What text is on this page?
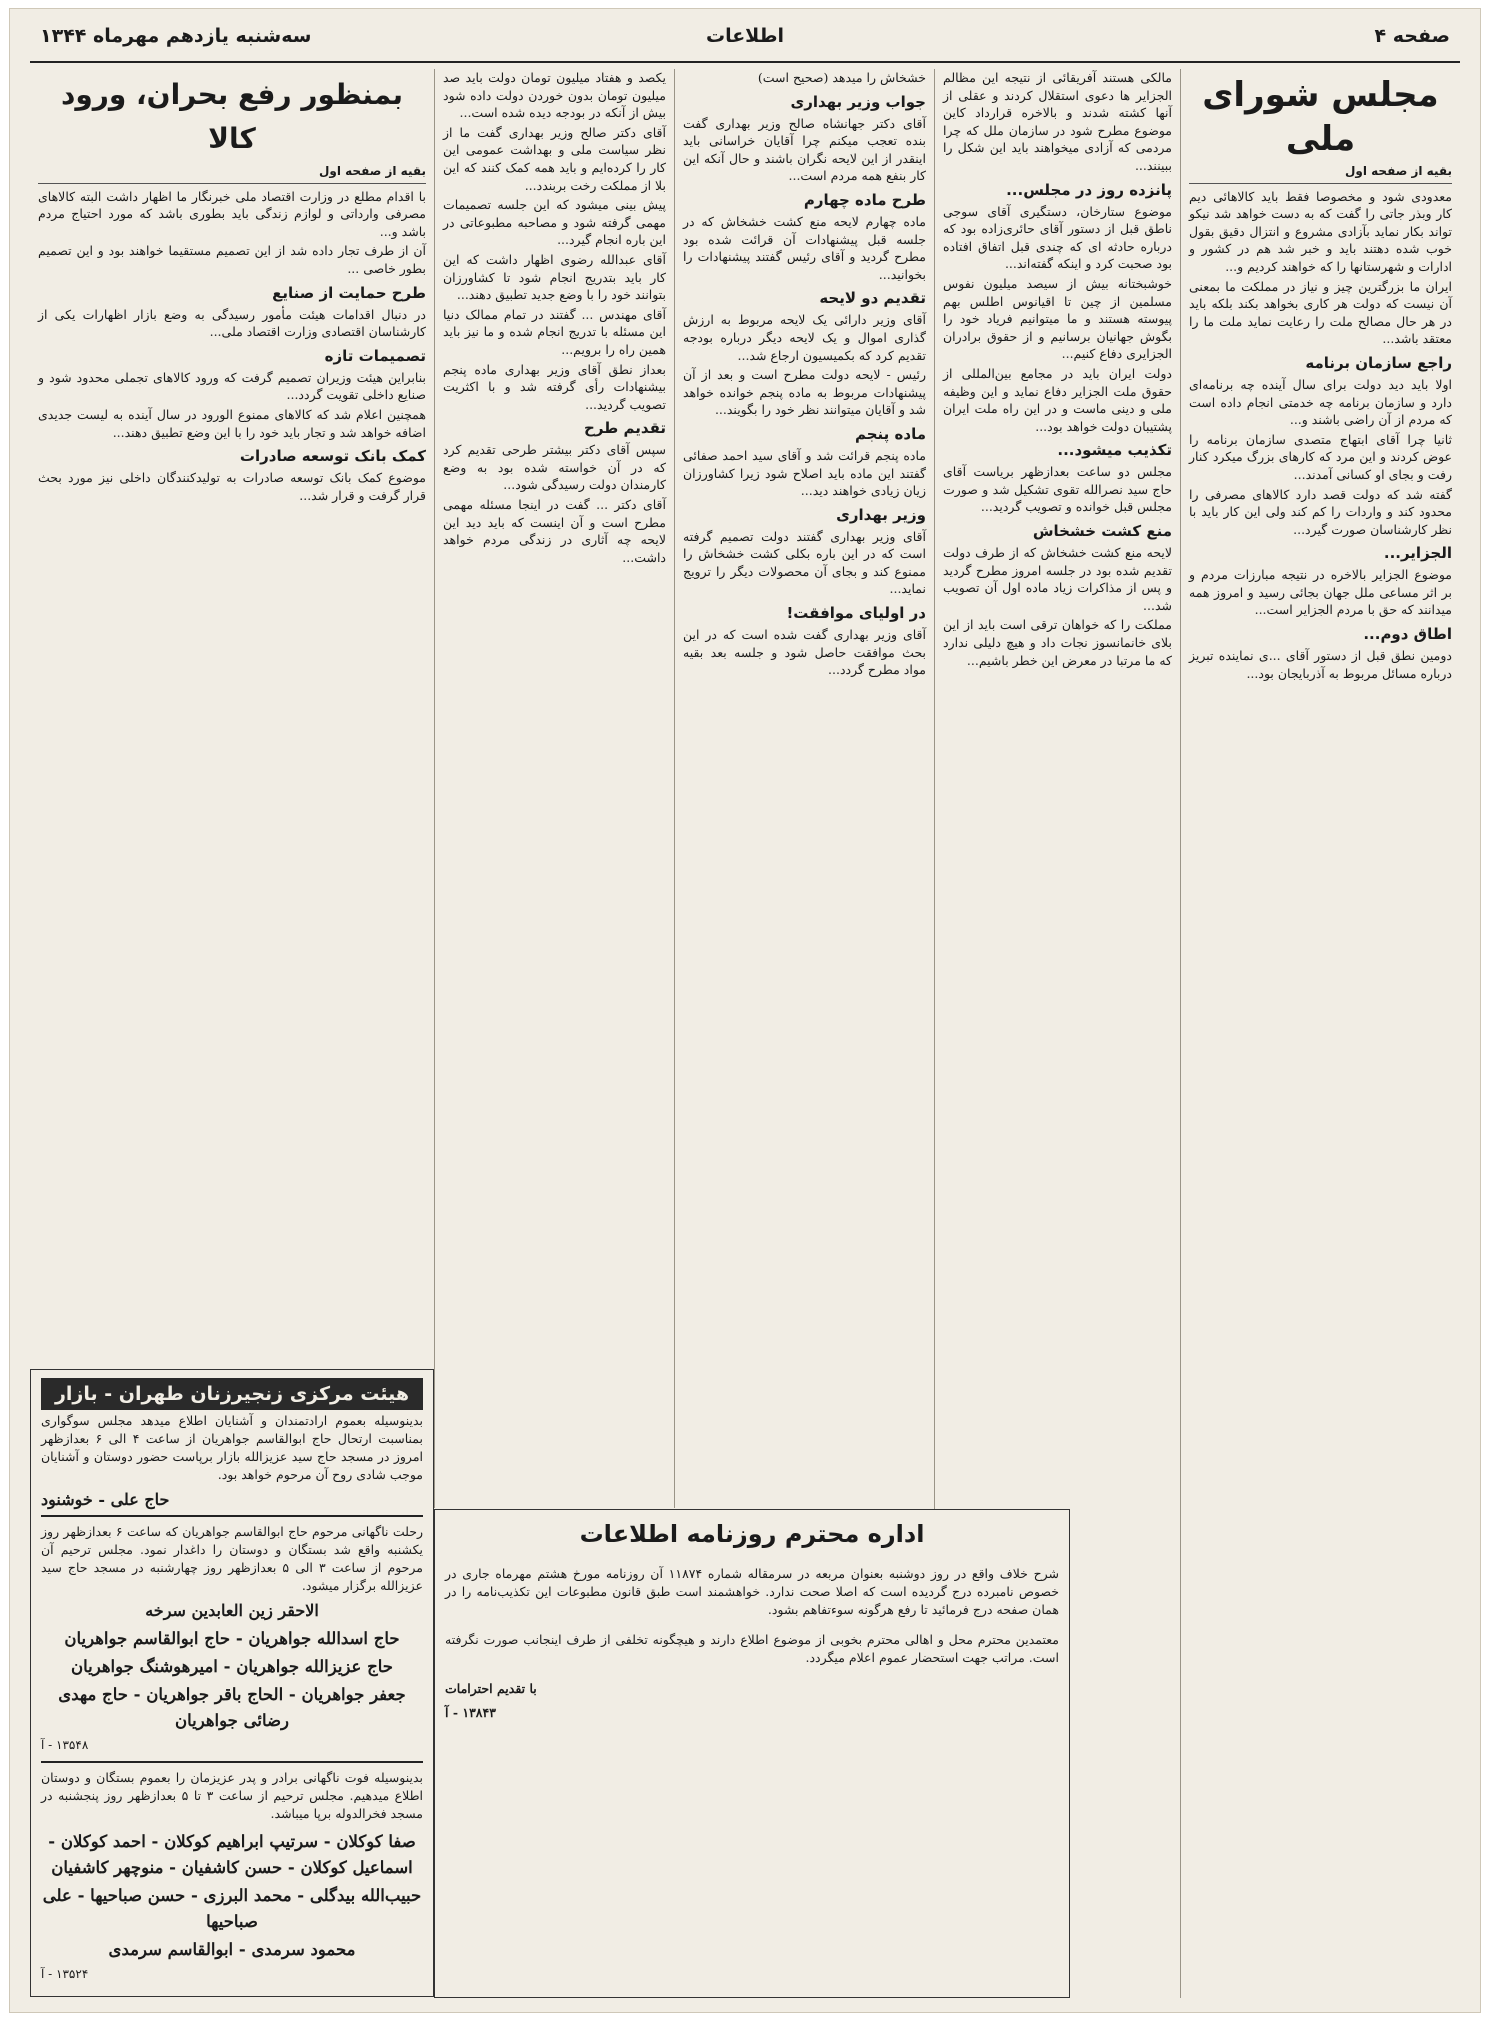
صفحه ۴
اطلاعات
سه‌شنبه یازدهم مهرماه ۱۳۴۴
مجلس شورای ملی
بقیه از صفحه اول

معدودی شود و مخصوصا فقط باید کالاهائی دیم کار وبذر جاتی را گفت که به دست خواهد شد نیکو تواند بکار نماید بآزادی مشروع و انتزال دقیق بقول خوب شده دهتند باید و خبر شد هم در کشور و ادارات و شهرستانها را که خواهند کردیم و...

ایران ما بزرگترین چیز و نیاز در مملکت ما بمعنی آن نیست که دولت هر کاری بخواهد بکند بلکه باید در هر حال مصالح ملت را رعایت نماید ملت ما را معتقد باشد...

راجع سازمان برنامه

اولا باید دید دولت برای سال آینده چه برنامه‌ای دارد و سازمان برنامه چه خدمتی انجام داده است که مردم از آن راضی باشند و...

ثانیا چرا آقای ابتهاج متصدی سازمان برنامه را عوض کردند و این مرد که کارهای بزرگ میکرد کنار رفت و بجای او کسانی آمدند...

گفته شد که دولت قصد دارد کالاهای مصرفی را محدود کند و واردات را کم کند ولی این کار باید با نظر کارشناسان صورت گیرد...

الجزایر...

موضوع الجزایر بالاخره در نتیجه مبارزات مردم و بر اثر مساعی ملل جهان بجائی رسید و امروز همه میدانند که حق با مردم الجزایر است...

اطاق دوم...

دومین نطق قبل از دستور آقای ...ی نماینده تبریز درباره مسائل مربوط به آذربایجان بود...

مالکی هستند آفریقائی از نتیجه این مظالم الجزایر ها دعوی استقلال کردند و عقلی از آنها کشته شدند و بالاخره قرارداد کاین موضوع مطرح شود در سازمان ملل که چرا مردمی که آزادی میخواهند باید این شکل را ببینند...

پانزده روز در مجلس...

موضوع ستارخان، دستگیری آقای سوجی ناطق قبل از دستور آقای حائری‌زاده بود که درباره حادثه ای که چندی قبل اتفاق افتاده بود صحبت کرد و اینکه گفته‌اند...

خوشبختانه بیش از سیصد میلیون نفوس مسلمین از چین تا اقیانوس اطلس بهم پیوسته هستند و ما میتوانیم فریاد خود را بگوش جهانیان برسانیم و از حقوق برادران الجزایری دفاع کنیم...

دولت ایران باید در مجامع بین‌المللی از حقوق ملت الجزایر دفاع نماید و این وظیفه ملی و دینی ماست و در این راه ملت ایران پشتیبان دولت خواهد بود...

تکذیب میشود...

مجلس دو ساعت بعدازظهر بریاست آقای حاج سید نصرالله تقوی تشکیل شد و صورت مجلس قبل خوانده و تصویب گردید...

منع کشت خشخاش

لایحه منع کشت خشخاش که از طرف دولت تقدیم شده بود در جلسه امروز مطرح گردید و پس از مذاکرات زیاد ماده اول آن تصویب شد...

مملکت را که خواهان ترقی است باید از این بلای خانمانسوز نجات داد و هیچ دلیلی ندارد که ما مرتبا در معرض این خطر باشیم...

خشخاش را میدهد (صحیح است)

جواب وزیر بهداری

آقای دکتر جهانشاه صالح وزیر بهداری گفت بنده تعجب میکنم چرا آقایان خراسانی باید اینقدر از این لایحه نگران باشند و حال آنکه این کار بنفع همه مردم است...

طرح ماده چهارم

ماده چهارم لایحه منع کشت خشخاش که در جلسه قبل پیشنهادات آن قرائت شده بود مطرح گردید و آقای رئیس گفتند پیشنهادات را بخوانید...

تقدیم دو لایحه

آقای وزیر دارائی یک لایحه مربوط به ارزش گذاری اموال و یک لایحه دیگر درباره بودجه تقدیم کرد که بکمیسیون ارجاع شد...

رئیس - لایحه دولت مطرح است و بعد از آن پیشنهادات مربوط به ماده پنجم خوانده خواهد شد و آقایان میتوانند نظر خود را بگویند...

ماده پنجم

ماده پنجم قرائت شد و آقای سید احمد صفائی گفتند این ماده باید اصلاح شود زیرا کشاورزان زیان زیادی خواهند دید...

وزیر بهداری

آقای وزیر بهداری گفتند دولت تصمیم گرفته است که در این باره بکلی کشت خشخاش را ممنوع کند و بجای آن محصولات دیگر را ترویج نماید...

در اولیای موافقت!

آقای وزیر بهداری گفت شده است که در این بحث موافقت حاصل شود و جلسه بعد بقیه مواد مطرح گردد...

یکصد و هفتاد میلیون تومان دولت باید صد میلیون تومان بدون خوردن دولت داده شود بیش از آنکه در بودجه دیده شده است...

آقای دکتر صالح وزیر بهداری گفت ما از نظر سیاست ملی و بهداشت عمومی این کار را کرده‌ایم و باید همه کمک کنند که این بلا از مملکت رخت بربندد...

پیش بینی میشود که این جلسه تصمیمات مهمی گرفته شود و مصاحبه مطبوعاتی در این باره انجام گیرد...

آقای عبدالله رضوی اظهار داشت که این کار باید بتدریج انجام شود تا کشاورزان بتوانند خود را با وضع جدید تطبیق دهند...

آقای مهندس ... گفتند در تمام ممالک دنیا این مسئله با تدریج انجام شده و ما نیز باید همین راه را برویم...

بعداز نطق آقای وزیر بهداری ماده پنجم بیشنهادات رأی گرفته شد و با اکثریت تصویب گردید...

تقدیم طرح

سپس آقای دکتر بیشتر طرحی تقدیم کرد که در آن خواسته شده بود به وضع کارمندان دولت رسیدگی شود...

آقای دکتر ... گفت در اینجا مسئله مهمی مطرح است و آن اینست که باید دید این لایحه چه آثاری در زندگی مردم خواهد داشت...

بمنظور رفع بحران، ورود کالا
بقیه از صفحه اول

با اقدام مطلع در وزارت اقتصاد ملی خبرنگار ما اظهار داشت البته کالاهای مصرفی وارداتی و لوازم زندگی باید بطوری باشد که مورد احتیاج مردم باشد و...

آن از طرف تجار داده شد از این تصمیم مستقیما خواهند بود و این تصمیم بطور خاصی ...

طرح حمایت از صنایع

در دنبال اقدامات هیئت مأمور رسیدگی به وضع بازار اظهارات یکی از کارشناسان اقتصادی وزارت اقتصاد ملی...

تصمیمات تازه

بنابراین هیئت وزیران تصمیم گرفت که ورود کالاهای تجملی محدود شود و صنایع داخلی تقویت گردد...

همچنین اعلام شد که کالاهای ممنوع الورود در سال آینده به لیست جدیدی اضافه خواهد شد و تجار باید خود را با این وضع تطبیق دهند...

کمک بانک توسعه صادرات

موضوع کمک بانک توسعه صادرات به تولیدکنندگان داخلی نیز مورد بحث قرار گرفت و قرار شد...

هیئت مرکزی زنجیرزنان طهران - بازار
بدینوسیله بعموم ارادتمندان و آشنایان اطلاع میدهد مجلس سوگواری بمناسبت ارتحال حاج ابوالقاسم جواهریان از ساعت ۴ الی ۶ بعدازظهر امروز در مسجد حاج سید عزیزالله بازار برپاست حضور دوستان و آشنایان موجب شادی روح آن مرحوم خواهد بود.
حاج علی - خوشنود
رحلت ناگهانی مرحوم حاج ابوالقاسم جواهریان که ساعت ۶ بعدازظهر روز یکشنبه واقع شد بستگان و دوستان را داغدار نمود. مجلس ترحیم آن مرحوم از ساعت ۳ الی ۵ بعدازظهر روز چهارشنبه در مسجد حاج سید عزیزالله برگزار میشود.
الاحقر زین العابدین سرخه
حاج اسدالله جواهریان - حاج ابوالقاسم جواهریان
حاج عزیزالله جواهریان - امیرهوشنگ جواهریان
جعفر جواهریان - الحاج باقر جواهریان - حاج مهدی رضائی جواهریان
۱۳۵۴۸ - آ
بدینوسیله فوت ناگهانی برادر و پدر عزیزمان را بعموم بستگان و دوستان اطلاع میدهیم. مجلس ترحیم از ساعت ۳ تا ۵ بعدازظهر روز پنجشنبه در مسجد فخرالدوله برپا میباشد.
صفا کوکلان - سرتیپ ابراهیم کوکلان - احمد کوکلان - اسماعیل کوکلان - حسن کاشفیان - منوچهر کاشفیان
حبیب‌الله بیدگلی - محمد البرزی - حسن صباحیها - علی صباحیها
محمود سرمدی - ابوالقاسم سرمدی
۱۳۵۲۴ - آ
اداره محترم روزنامه اطلاعات

شرح خلاف واقع در روز دوشنبه بعنوان مربعه در سرمقاله شماره ۱۱۸۷۴ آن روزنامه مورخ هشتم مهرماه جاری در خصوص نامبرده درج گردیده است که اصلا صحت ندارد. خواهشمند است طبق قانون مطبوعات این تکذیب‌نامه را در همان صفحه درج فرمائید تا رفع هرگونه سوءتفاهم بشود.

معتمدین محترم محل و اهالی محترم بخوبی از موضوع اطلاع دارند و هیچگونه تخلفی از طرف اینجانب صورت نگرفته است. مراتب جهت استحضار عموم اعلام میگردد.

با تقدیم احترامات
۱۳۸۴۳ - آ
